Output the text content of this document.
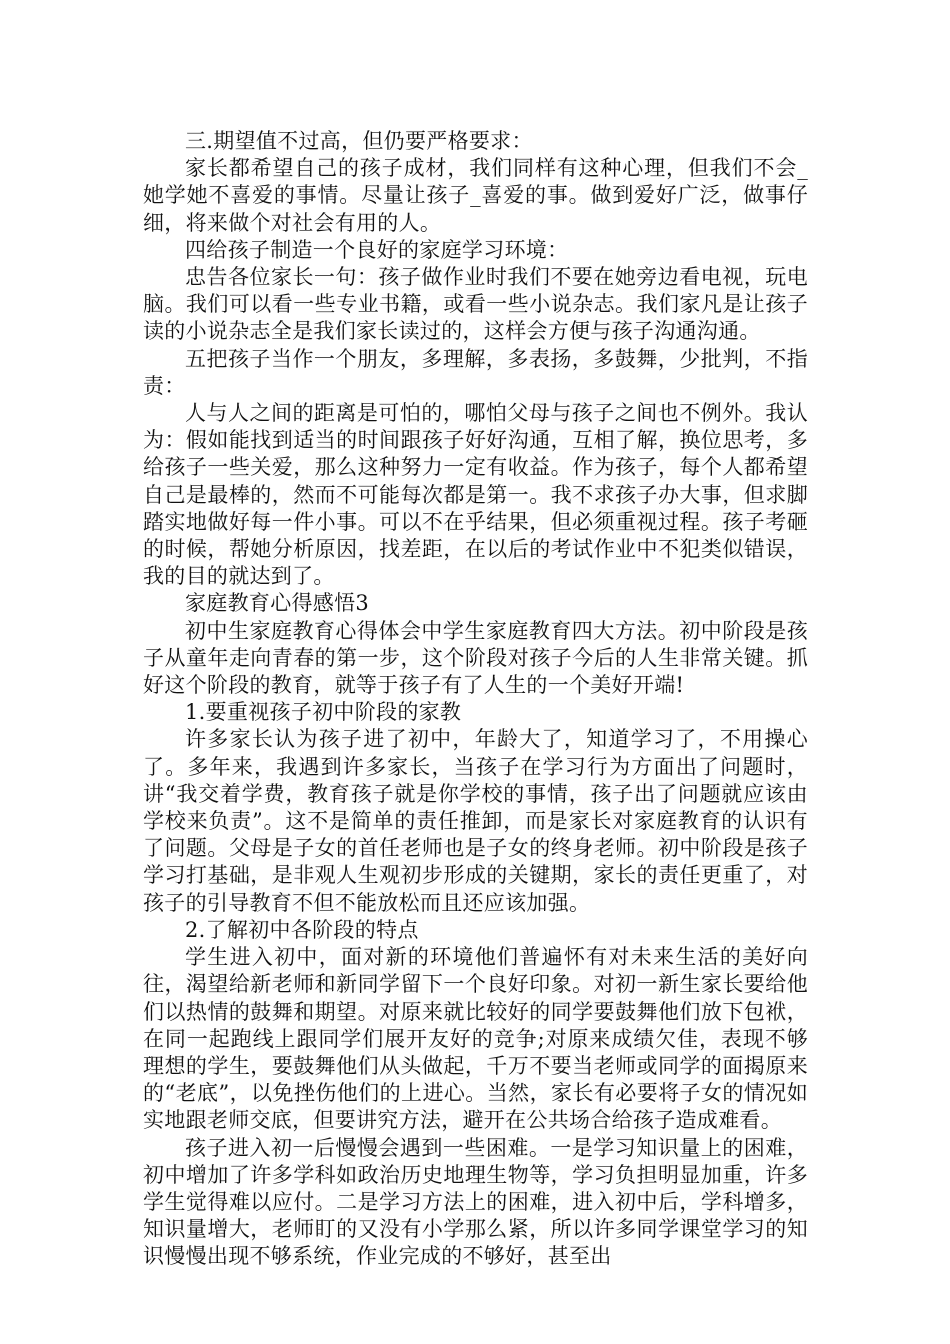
三.期望值不过高，但仍要严格要求：

家长都希望自己的孩子成材，我们同样有这种心理，但我们不会_她学她不喜爱的事情。尽量让孩子_喜爱的事。做到爱好广泛，做事仔细，将来做个对社会有用的人。

四给孩子制造一个良好的家庭学习环境：

忠告各位家长一句：孩子做作业时我们不要在她旁边看电视，玩电脑。我们可以看一些专业书籍，或看一些小说杂志。我们家凡是让孩子读的小说杂志全是我们家长读过的，这样会方便与孩子沟通沟通。

五把孩子当作一个朋友，多理解，多表扬，多鼓舞，少批判，不指责：

人与人之间的距离是可怕的，哪怕父母与孩子之间也不例外。我认为：假如能找到适当的时间跟孩子好好沟通，互相了解，换位思考，多给孩子一些关爱，那么这种努力一定有收益。作为孩子，每个人都希望自己是最棒的，然而不可能每次都是第一。我不求孩子办大事，但求脚踏实地做好每一件小事。可以不在乎结果，但必须重视过程。孩子考砸的时候，帮她分析原因，找差距，在以后的考试作业中不犯类似错误，我的目的就达到了。

家庭教育心得感悟3

初中生家庭教育心得体会中学生家庭教育四大方法。初中阶段是孩子从童年走向青春的第一步，这个阶段对孩子今后的人生非常关键。抓好这个阶段的教育，就等于孩子有了人生的一个美好开端!

1.要重视孩子初中阶段的家教

许多家长认为孩子进了初中，年龄大了，知道学习了，不用操心了。多年来，我遇到许多家长，当孩子在学习行为方面出了问题时，讲“我交着学费，教育孩子就是你学校的事情，孩子出了问题就应该由学校来负责”。这不是简单的责任推卸，而是家长对家庭教育的认识有了问题。父母是子女的首任老师也是子女的终身老师。初中阶段是孩子学习打基础，是非观人生观初步形成的关键期，家长的责任更重了，对孩子的引导教育不但不能放松而且还应该加强。

2.了解初中各阶段的特点

学生进入初中，面对新的环境他们普遍怀有对未来生活的美好向往，渴望给新老师和新同学留下一个良好印象。对初一新生家长要给他们以热情的鼓舞和期望。对原来就比较好的同学要鼓舞他们放下包袱，在同一起跑线上跟同学们展开友好的竞争;对原来成绩欠佳，表现不够理想的学生，要鼓舞他们从头做起，千万不要当老师或同学的面揭原来的“老底”，以免挫伤他们的上进心。当然，家长有必要将子女的情况如实地跟老师交底，但要讲究方法，避开在公共场合给孩子造成难看。

孩子进入初一后慢慢会遇到一些困难。一是学习知识量上的困难，初中增加了许多学科如政治历史地理生物等，学习负担明显加重，许多学生觉得难以应付。二是学习方法上的困难，进入初中后，学科增多，知识量增大，老师盯的又没有小学那么紧，所以许多同学课堂学习的知识慢慢出现不够系统，作业完成的不够好，甚至出
